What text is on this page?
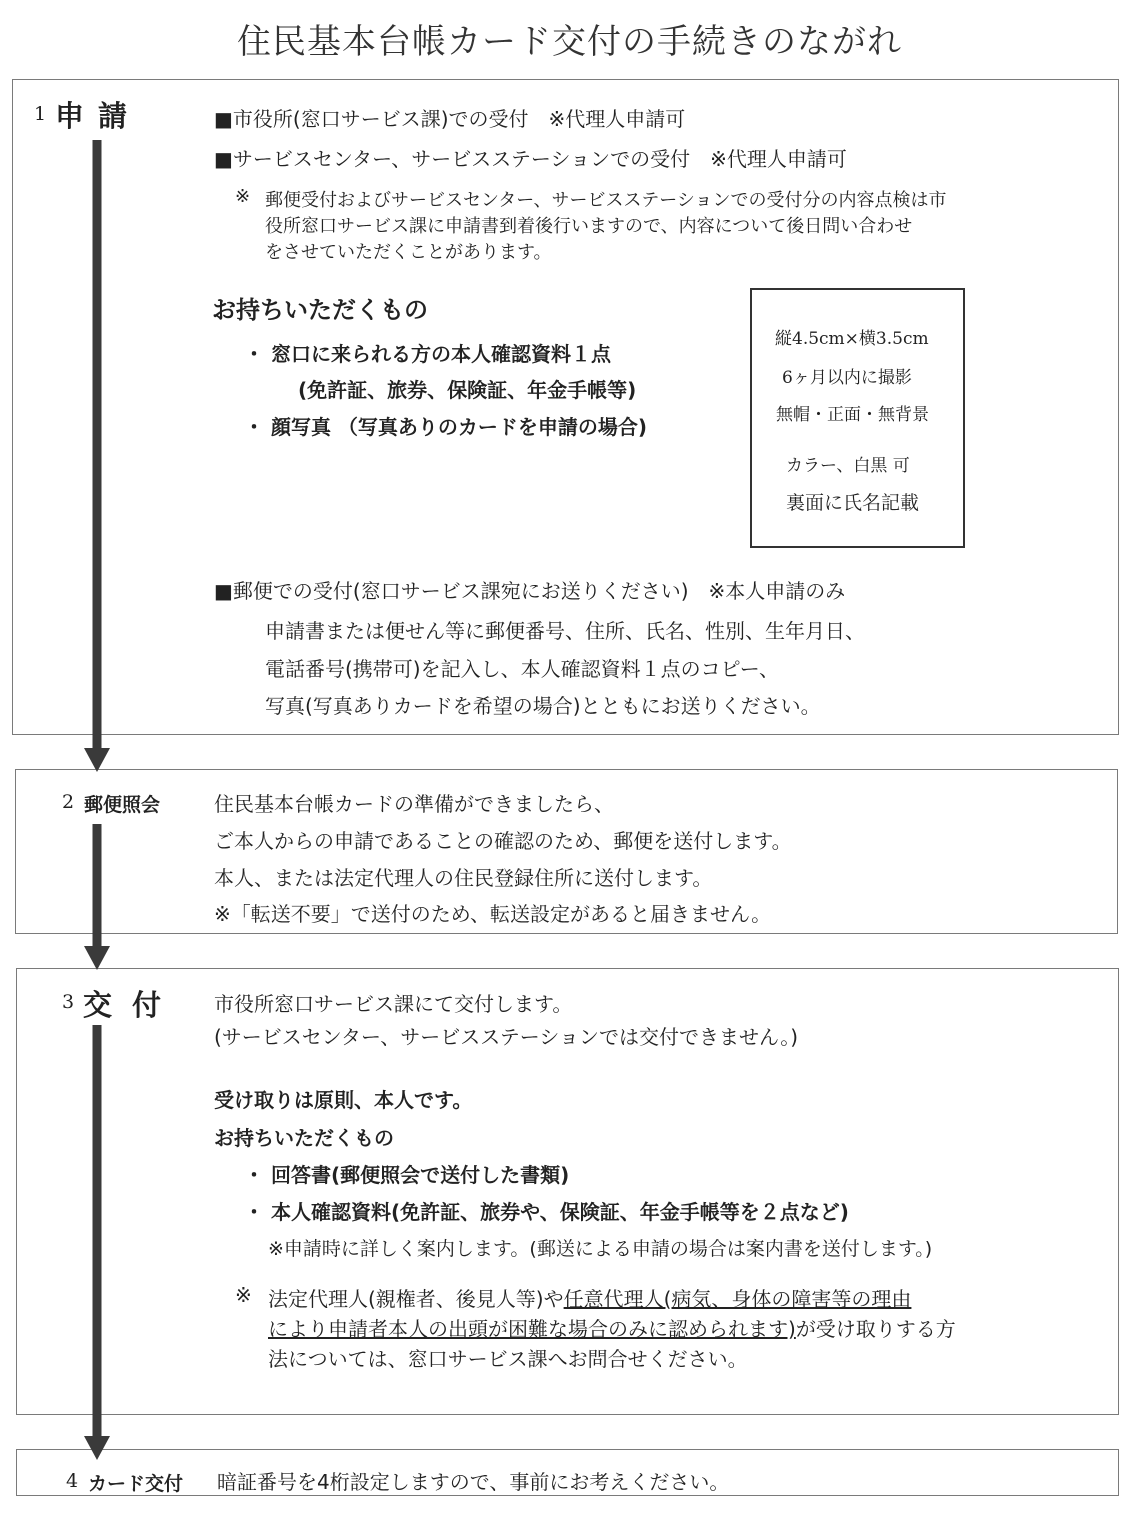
住民基本台帳カード交付の手続きのながれ
1 申請	■市役所(窓口サービス課)での受付　※代理人申請可
■サービスセンター、サービスステーションでの受付　※代理人申請可
※ 郵便受付およびサービスセンター、サービスステーションでの受付分の内容点検は市
役所窓口サービス課に申請書到着後行いますので、内容について後日問い合わせ
をさせていただくことがあります。
お持ちいただくもの
・ 窓口に来られる方の本人確認資料１点
(免許証、旅券、保険証、年金手帳等)
・ 顔写真 （写真ありのカードを申請の場合)
縦4.5cm×横3.5cm
6ヶ月以内に撮影
無帽・正面・無背景
カラー、白黒 可
裏面に氏名記載
■郵便での受付(窓口サービス課宛にお送りください)　※本人申請のみ
申請書または便せん等に郵便番号、住所、氏名、性別、生年月日、
電話番号(携帯可)を記入し、本人確認資料１点のコピー、
写真(写真ありカードを希望の場合)とともにお送りください。
2 郵便照会	住民基本台帳カードの準備ができましたら、
ご本人からの申請であることの確認のため、郵便を送付します。
本人、または法定代理人の住民登録住所に送付します。
※「転送不要」で送付のため、転送設定があると届きません。
3 交付 市役所窓口サービス課にて交付します。
(サービスセンター、サービスステーションでは交付できません。)
受け取りは原則、本人です。
お持ちいただくもの
・ 回答書(郵便照会で送付した書類)
・ 本人確認資料(免許証、旅券や、保険証、年金手帳等を２点など)
※申請時に詳しく案内します。(郵送による申請の場合は案内書を送付します。)
※ 法定代理人(親権者、後見人等)や任意代理人(病気、身体の障害等の理由
により申請者本人の出頭が困難な場合のみに認められます)が受け取りする方
法については、窓口サービス課へお問合せください。
4 カード交付 暗証番号を4桁設定しますので、事前にお考えください。
